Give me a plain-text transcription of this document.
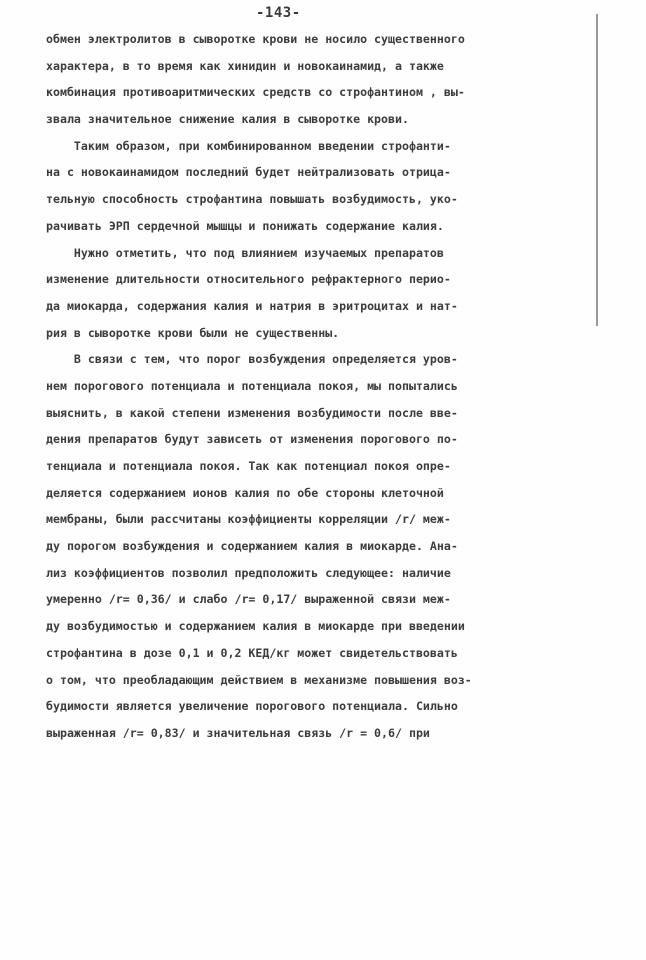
-143-
обмен электролитов в сыворотке крови не носило существенного
характера, в то время как хинидин и новокаинамид, а также
комбинация противоаритмических средств со строфантином , вы-
звала значительное снижение калия в сыворотке крови.
Таким образом, при комбинированном введении строфанти-
на с новокаинамидом последний будет нейтрализовать отрица-
тельную способность строфантина повышать возбудимость, уко-
рачивать ЭРП сердечной мышцы и понижать содержание калия.
Нужно отметить, что под влиянием изучаемых препаратов
изменение длительности относительного рефрактерного перио-
да миокарда, содержания калия и натрия в эритроцитах и нат-
рия в сыворотке крови были не существенны.
В связи с тем, что порог возбуждения определяется уров-
нем порогового потенциала и потенциала покоя, мы попытались
выяснить, в какой степени изменения возбудимости после вве-
дения препаратов будут зависеть от изменения порогового по-
тенциала и потенциала покоя. Так как потенциал покоя опре-
деляется содержанием ионов калия по обе стороны клеточной
мембраны, были рассчитаны коэффициенты корреляции /r/ меж-
ду порогом возбуждения и содержанием калия в миокарде. Ана-
лиз коэффициентов позволил предположить следующее: наличие
умеренно /r= 0,36/ и слабо /r= 0,17/ выраженной связи меж-
ду возбудимостью и содержанием калия в миокарде при введении
строфантина в дозе 0,1 и 0,2 КЕД/кг может свидетельствовать
о том, что преобладающим действием в механизме повышения воз-
будимости является увеличение порогового потенциала. Сильно
выраженная /r= 0,83/ и значительная связь /r = 0,6/ при
